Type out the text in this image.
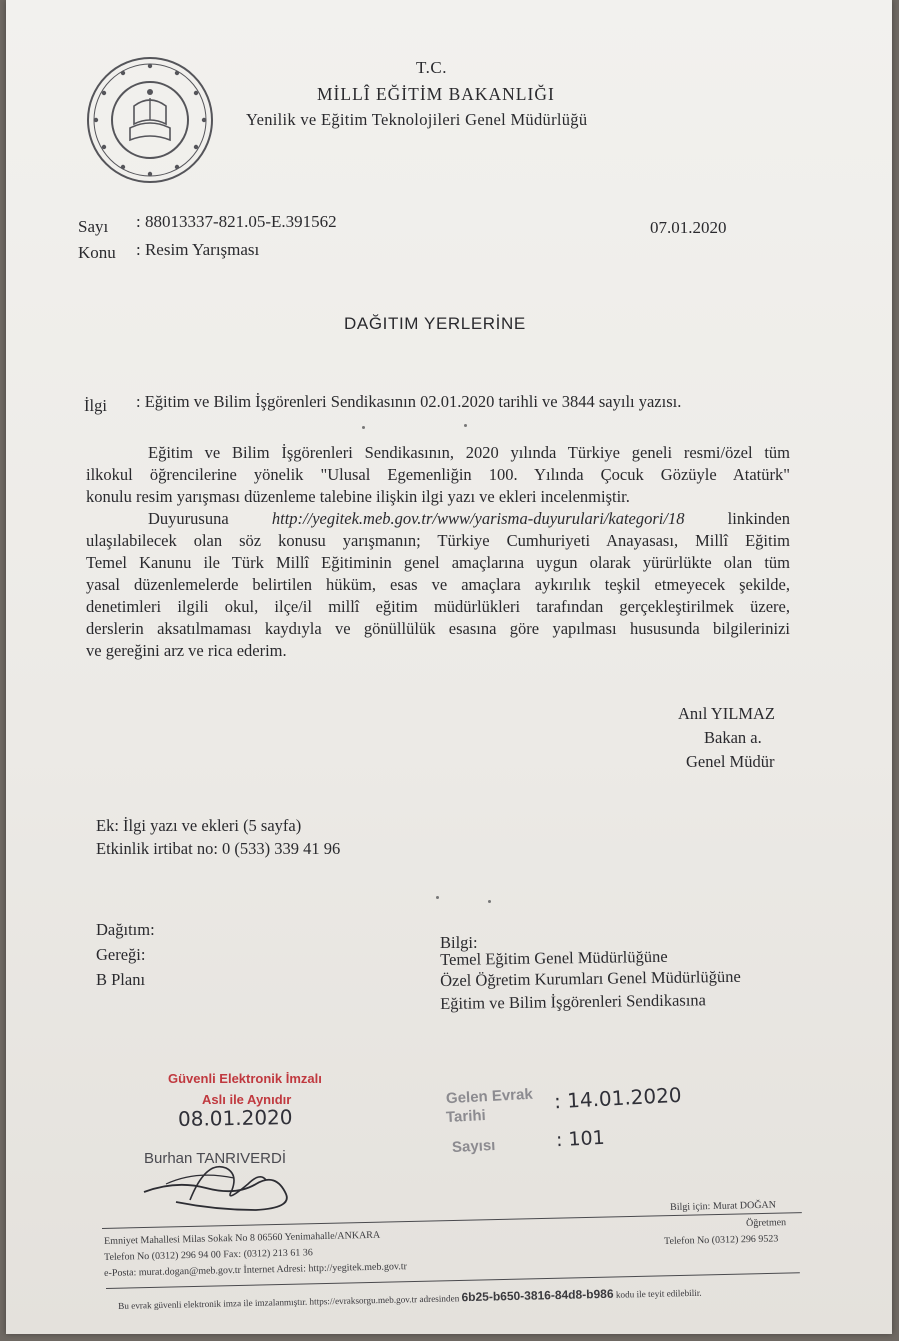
T.C.
MİLLÎ EĞİTİM BAKANLIĞI
Yenilik ve Eğitim Teknolojileri Genel Müdürlüğü
Sayı : 88013337-821.05-E.391562
Konu : Resim Yarışması
07.01.2020
DAĞITIM YERLERİNE
İlgi : Eğitim ve Bilim İşgörenleri Sendikasının 02.01.2020 tarihli ve 3844 sayılı yazısı.
Eğitim ve Bilim İşgörenleri Sendikasının, 2020 yılında Türkiye geneli resmi/özel tüm
ilkokul öğrencilerine yönelik "Ulusal Egemenliğin 100. Yılında Çocuk Gözüyle Atatürk"
konulu resim yarışması düzenleme talebine ilişkin ilgi yazı ve ekleri incelenmiştir.
Duyurusuna	http://yegitek.meb.gov.tr/www/yarisma-duyurulari/kategori/18	linkinden
ulaşılabilecek olan söz konusu yarışmanın; Türkiye Cumhuriyeti Anayasası, Millî Eğitim
Temel Kanunu ile Türk Millî Eğitiminin genel amaçlarına uygun olarak yürürlükte olan tüm
yasal düzenlemelerde belirtilen hüküm, esas ve amaçlara aykırılık teşkil etmeyecek şekilde,
denetimleri ilgili okul, ilçe/il millî eğitim müdürlükleri tarafından gerçekleştirilmek üzere,
derslerin aksatılmaması kaydıyla ve gönüllülük esasına göre yapılması hususunda bilgilerinizi
ve gereğini arz ve rica ederim.
Anıl YILMAZ
Bakan a.
Genel Müdür
Ek: İlgi yazı ve ekleri (5 sayfa)
Etkinlik irtibat no: 0 (533) 339 41 96
Dağıtım:
Gereği:
B Planı
Bilgi:
Temel Eğitim Genel Müdürlüğüne
Özel Öğretim Kurumları Genel Müdürlüğüne
Eğitim ve Bilim İşgörenleri Sendikasına
Güvenli Elektronik İmzalı
Aslı ile Aynıdır
08.01.2020
Burhan TANRIVERDİ
Gelen Evrak
Tarihi
: 14.01.2020
Sayısı	: 101
Emniyet Mahallesi Milas Sokak No 8 06560 Yenimahalle/ANKARA
Telefon No (0312) 296 94 00 Fax: (0312) 213 61 36
e-Posta: murat.dogan@meb.gov.tr İnternet Adresi: http://yegitek.meb.gov.tr
Bilgi için: Murat DOĞAN
Öğretmen
Telefon No (0312) 296 9523
Bu evrak güvenli elektronik imza ile imzalanmıştır. https://evraksorgu.meb.gov.tr adresinden 6b25-b650-3816-84d8-b986 kodu ile teyit edilebilir.
